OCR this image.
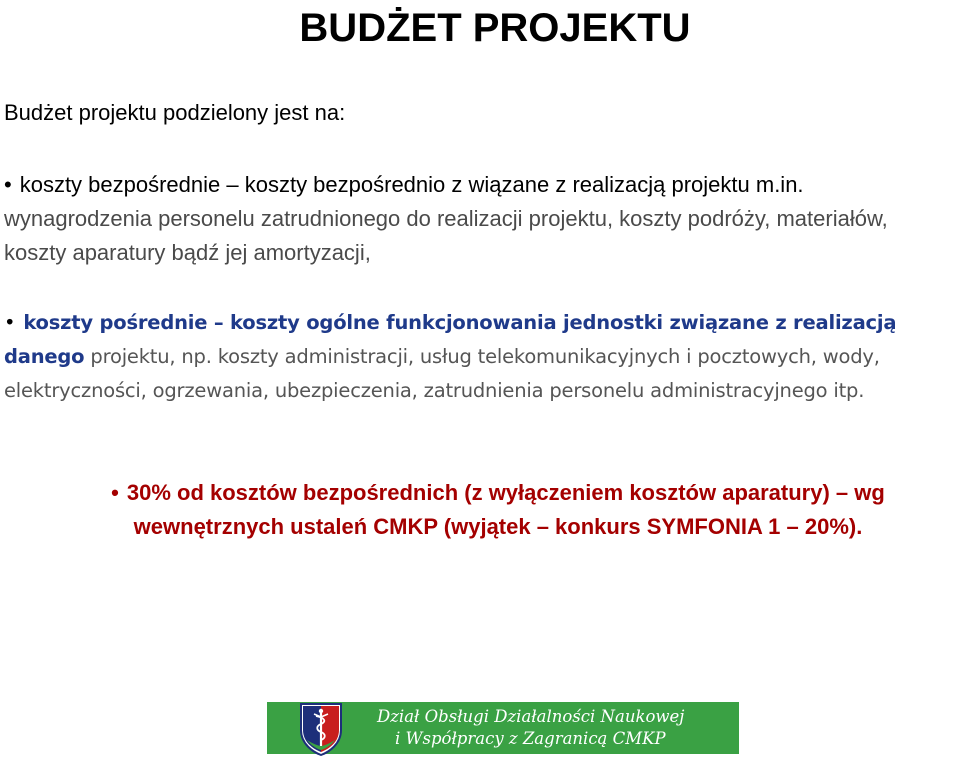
BUDŻET PROJEKTU

Budżet projektu podzielony jest na:

• koszty bezpośrednie – koszty bezpośrednio z wiązane z realizacją projektu m.in. wynagrodzenia personelu zatrudnionego do realizacji projektu, koszty podróży, materiałów, koszty aparatury bądź jej amortyzacji,

• koszty pośrednie – koszty ogólne funkcjonowania jednostki związane z realizacją danego projektu, np. koszty administracji, usług telekomunikacyjnych i pocztowych, wody, elektryczności, ogrzewania, ubezpieczenia, zatrudnienia personelu administracyjnego itp.

• 30% od kosztów bezpośrednich (z wyłączeniem kosztów aparatury) – wg wewnętrznych ustaleń CMKP (wyjątek – konkurs SYMFONIA 1 – 20%).

Dział Obsługi Działalności Naukowej
i Współpracy z Zagranicą CMKP
